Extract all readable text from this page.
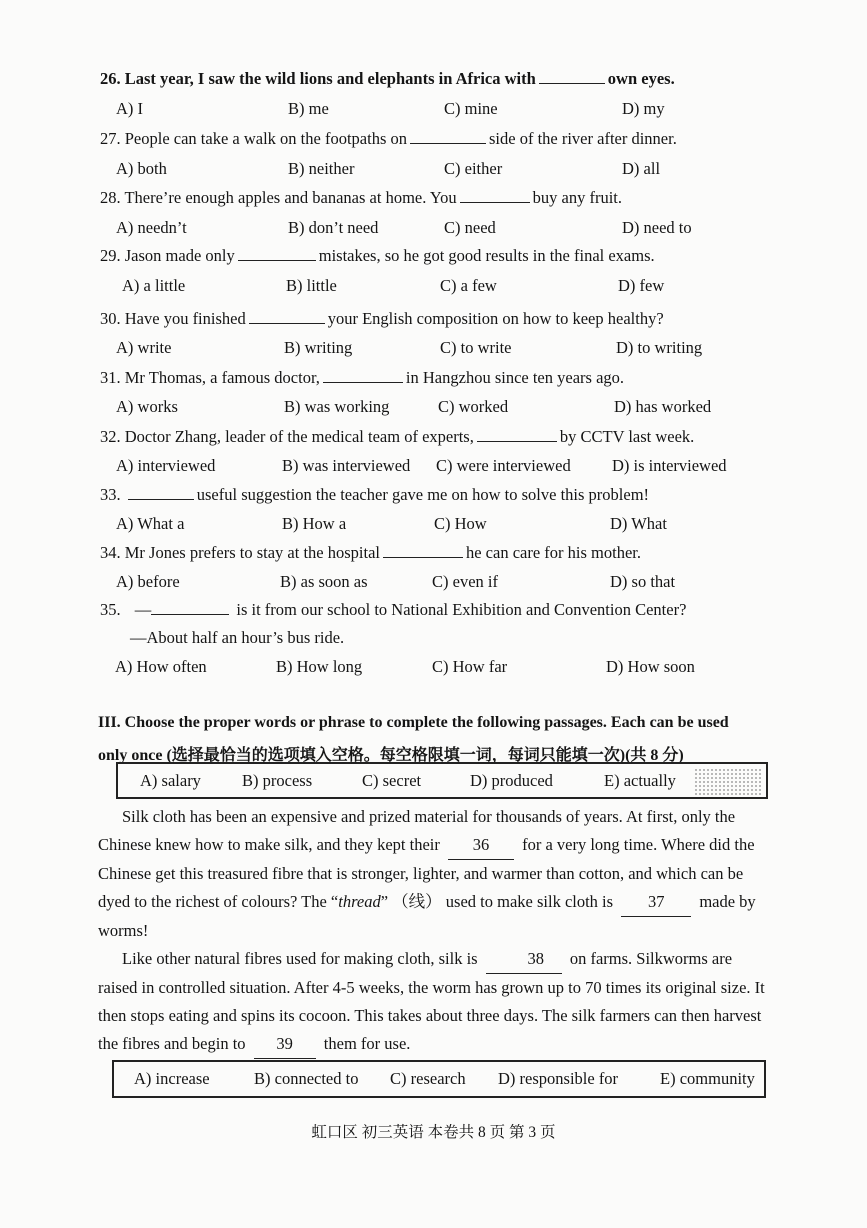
26. Last year, I saw the wild lions and elephants in Africa with	own eyes.
A) I	B) me	C) mine	D) my
27. People can take a walk on the footpaths on	side of the river after dinner.
A) both	B) neither	C) either	D) all
28. There’re enough apples and bananas at home. You	buy any fruit.
A) needn’t	B) don’t need	C) need	D) need to
29. Jason made only	mistakes, so he got good results in the final exams.
A) a little	B) little	C) a few	D) few
30. Have you finished	your English composition on how to keep healthy?
A) write	B) writing	C) to write	D) to writing
31. Mr Thomas, a famous doctor,	in Hangzhou since ten years ago.
A) works	B) was working	C) worked	D) has worked
32. Doctor Zhang, leader of the medical team of experts,	by CCTV last week.
A) interviewed	B) was interviewed C) were interviewed	D) is interviewed
33.	useful suggestion the teacher gave me on how to solve this problem!
A) What a	B) How a	C) How	D) What
34. Mr Jones prefers to stay at the hospital	he can care for his mother.
A) before	B) as soon as	C) even if	D) so that
35. —	is it from our school to National Exhibition and Convention Center?
—About half an hour’s bus ride.
A) How often	B) How long	C) How far	D) How soon
III. Choose the proper words or phrase to complete the following passages. Each can be used
only once (选择最恰当的选项填入空格。每空格限填一词，每词只能填一次)(共 8 分)
A) salary B) process	C) secret	D) produced	E) actually

Silk cloth has been an expensive and prized material for thousands of years. At first, only the

Chinese knew how to make silk, and they kept their 36 for a very long time. Where did the

Chinese get this treasured fibre that is stronger, lighter, and warmer than cotton, and which can be

dyed to the richest of colours? The “thread” （线） used to make silk cloth is 37 made by

worms!

Like other natural fibres used for making cloth, silk is	38 on farms. Silkworms are

raised in controlled situation. After 4-5 weeks, the worm has grown up to 70 times its original size. It

then stops eating and spins its cocoon. This takes about three days. The silk farmers can then harvest

the fibres and begin to 39 them for use.

A) increase	B) connected to C) research D) responsible for	E) community
虹口区 初三英语 本卷共 8 页 第 3 页
